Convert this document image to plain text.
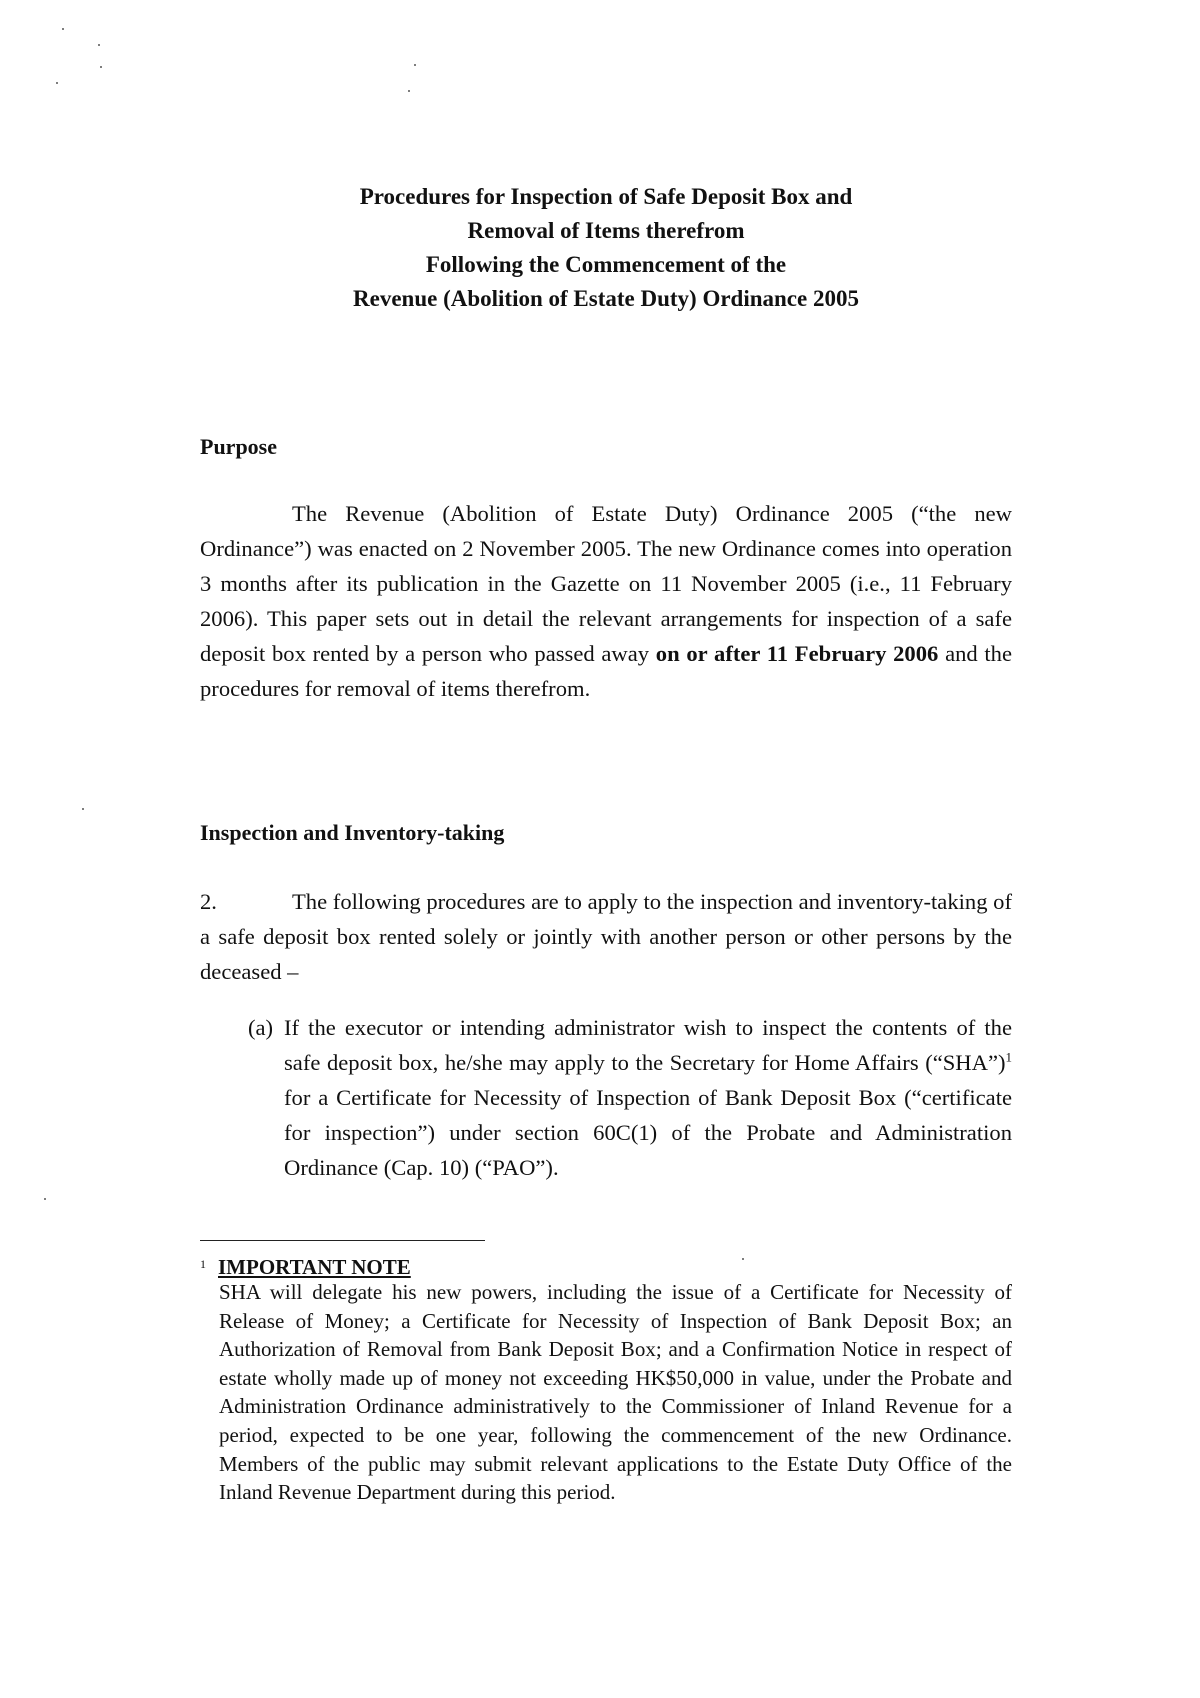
Procedures for Inspection of Safe Deposit Box and
Removal of Items therefrom
Following the Commencement of the
Revenue (Abolition of Estate Duty) Ordinance 2005
Purpose
The Revenue (Abolition of Estate Duty) Ordinance 2005 (“the new Ordinance”) was enacted on 2 November 2005. The new Ordinance comes into operation 3 months after its publication in the Gazette on 11 November 2005 (i.e., 11 February 2006). This paper sets out in detail the relevant arrangements for inspection of a safe deposit box rented by a person who passed away on or after 11 February 2006 and the procedures for removal of items therefrom.
Inspection and Inventory-taking
2.	The following procedures are to apply to the inspection and inventory-taking of a safe deposit box rented solely or jointly with another person or other persons by the deceased –
(a) If the executor or intending administrator wish to inspect the contents of the safe deposit box, he/she may apply to the Secretary for Home Affairs (“SHA”)$^1$ for a Certificate for Necessity of Inspection of Bank Deposit Box (“certificate for inspection”) under section 60C(1) of the Probate and Administration Ordinance (Cap. 10) (“PAO”).
$^1$ IMPORTANT NOTE
SHA will delegate his new powers, including the issue of a Certificate for Necessity of Release of Money; a Certificate for Necessity of Inspection of Bank Deposit Box; an Authorization of Removal from Bank Deposit Box; and a Confirmation Notice in respect of estate wholly made up of money not exceeding HK$50,000 in value, under the Probate and Administration Ordinance administratively to the Commissioner of Inland Revenue for a period, expected to be one year, following the commencement of the new Ordinance. Members of the public may submit relevant applications to the Estate Duty Office of the Inland Revenue Department during this period.
